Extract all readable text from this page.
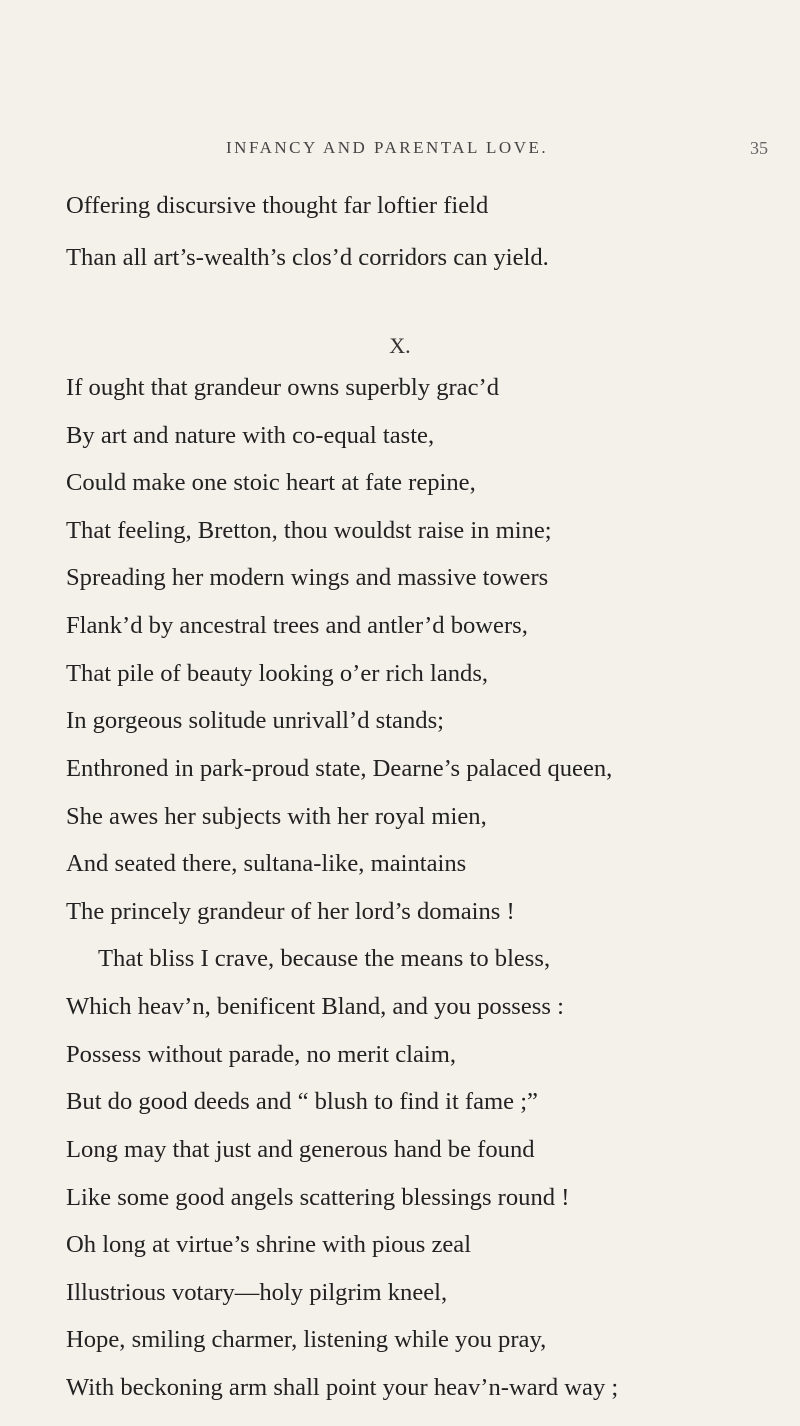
INFANCY AND PARENTAL LOVE.	35
Offering discursive thought far loftier field
Than all art’s-wealth’s clos’d corridors can yield.
X.
If ought that grandeur owns superbly grac’d
By art and nature with co-equal taste,
Could make one stoic heart at fate repine,
That feeling, Bretton, thou wouldst raise in mine;
Spreading her modern wings and massive towers
Flank’d by ancestral trees and antler’d bowers,
That pile of beauty looking o’er rich lands,
In gorgeous solitude unrivall’d stands;
Enthroned in park-proud state, Dearne’s palaced queen,
She awes her subjects with her royal mien,
And seated there, sultana-like, maintains
The princely grandeur of her lord’s domains !
That bliss I crave, because the means to bless,
Which heav’n, benificent Bland, and you possess :
Possess without parade, no merit claim,
But do good deeds and “ blush to find it fame ;”
Long may that just and generous hand be found
Like some good angels scattering blessings round !
Oh long at virtue’s shrine with pious zeal
Illustrious votary—holy pilgrim kneel,
Hope, smiling charmer, listening while you pray,
With beckoning arm shall point your heav’n-ward way ;
